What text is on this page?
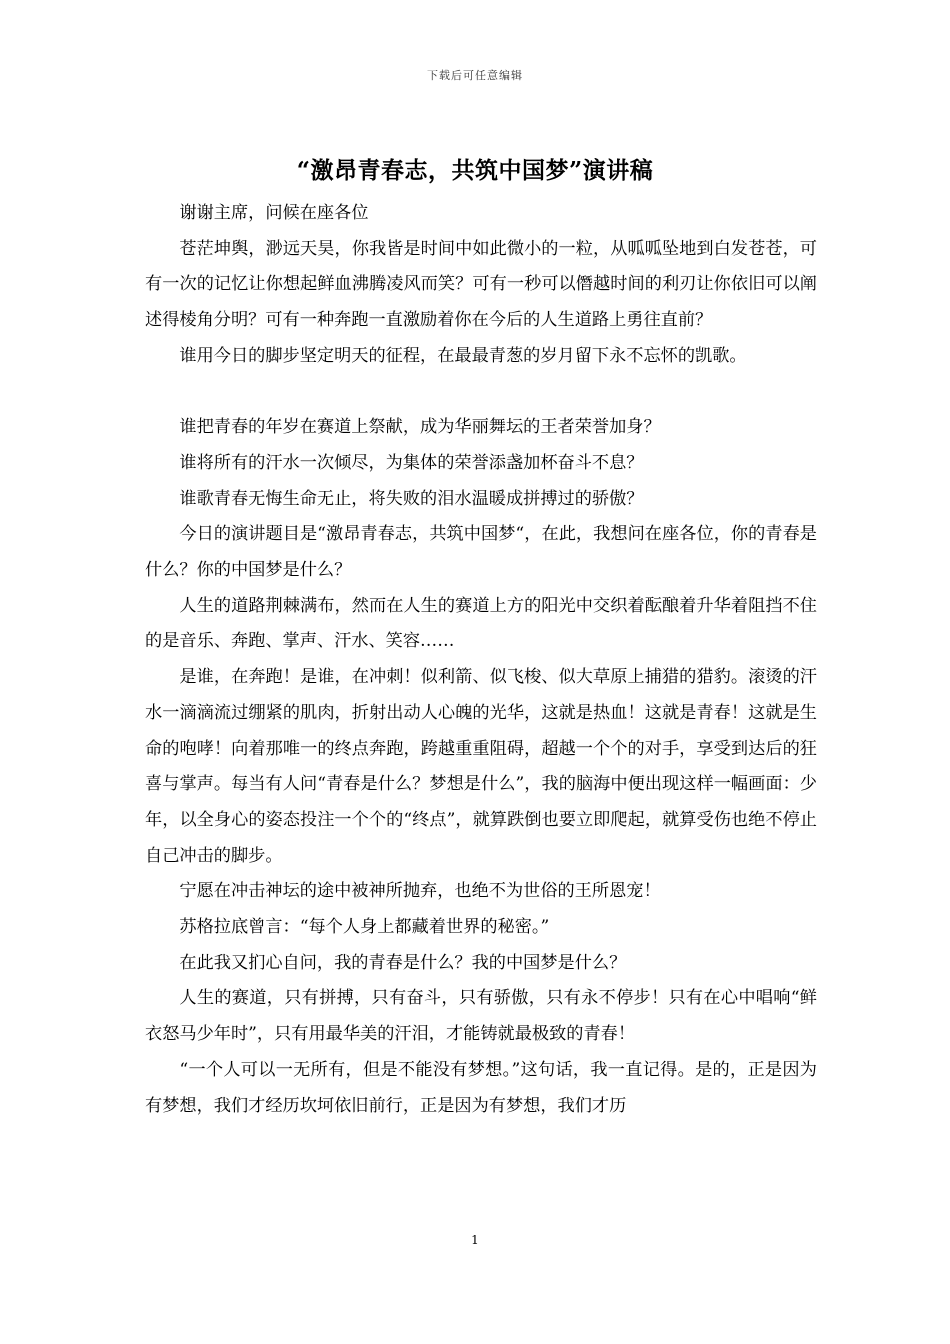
下载后可任意编辑
“激昂青春志，共筑中国梦”演讲稿

谢谢主席，问候在座各位

苍茫坤舆，渺远天昊，你我皆是时间中如此微小的一粒，从呱呱坠地到白发苍苍，可有一次的记忆让你想起鲜血沸腾凌风而笑？可有一秒可以僭越时间的利刃让你依旧可以阐述得棱角分明？可有一种奔跑一直激励着你在今后的人生道路上勇往直前？

谁用今日的脚步坚定明天的征程，在最最青葱的岁月留下永不忘怀的凯歌。

谁把青春的年岁在赛道上祭献，成为华丽舞坛的王者荣誉加身？

谁将所有的汗水一次倾尽，为集体的荣誉添盏加杯奋斗不息？

谁歌青春无悔生命无止，将失败的泪水温暖成拼搏过的骄傲？

今日的演讲题目是“激昂青春志，共筑中国梦“，在此，我想问在座各位，你的青春是什么？你的中国梦是什么？

人生的道路荆棘满布，然而在人生的赛道上方的阳光中交织着酝酿着升华着阻挡不住的是音乐、奔跑、掌声、汗水、笑容……

是谁，在奔跑！是谁，在冲刺！似利箭、似飞梭、似大草原上捕猎的猎豹。滚烫的汗水一滴滴流过绷紧的肌肉，折射出动人心魄的光华，这就是热血！这就是青春！这就是生命的咆哮！向着那唯一的终点奔跑，跨越重重阻碍，超越一个个的对手，享受到达后的狂喜与掌声。每当有人问“青春是什么？梦想是什么”，我的脑海中便出现这样一幅画面：少年，以全身心的姿态投注一个个的“终点”，就算跌倒也要立即爬起，就算受伤也绝不停止自己冲击的脚步。

宁愿在冲击神坛的途中被神所抛弃，也绝不为世俗的王所恩宠！

苏格拉底曾言：“每个人身上都藏着世界的秘密。”

在此我又扪心自问，我的青春是什么？我的中国梦是什么？

人生的赛道，只有拼搏，只有奋斗，只有骄傲，只有永不停步！只有在心中唱响“鲜衣怒马少年时”，只有用最华美的汗泪，才能铸就最极致的青春！

“一个人可以一无所有，但是不能没有梦想。”这句话，我一直记得。是的，正是因为有梦想，我们才经历坎坷依旧前行，正是因为有梦想，我们才历

1
